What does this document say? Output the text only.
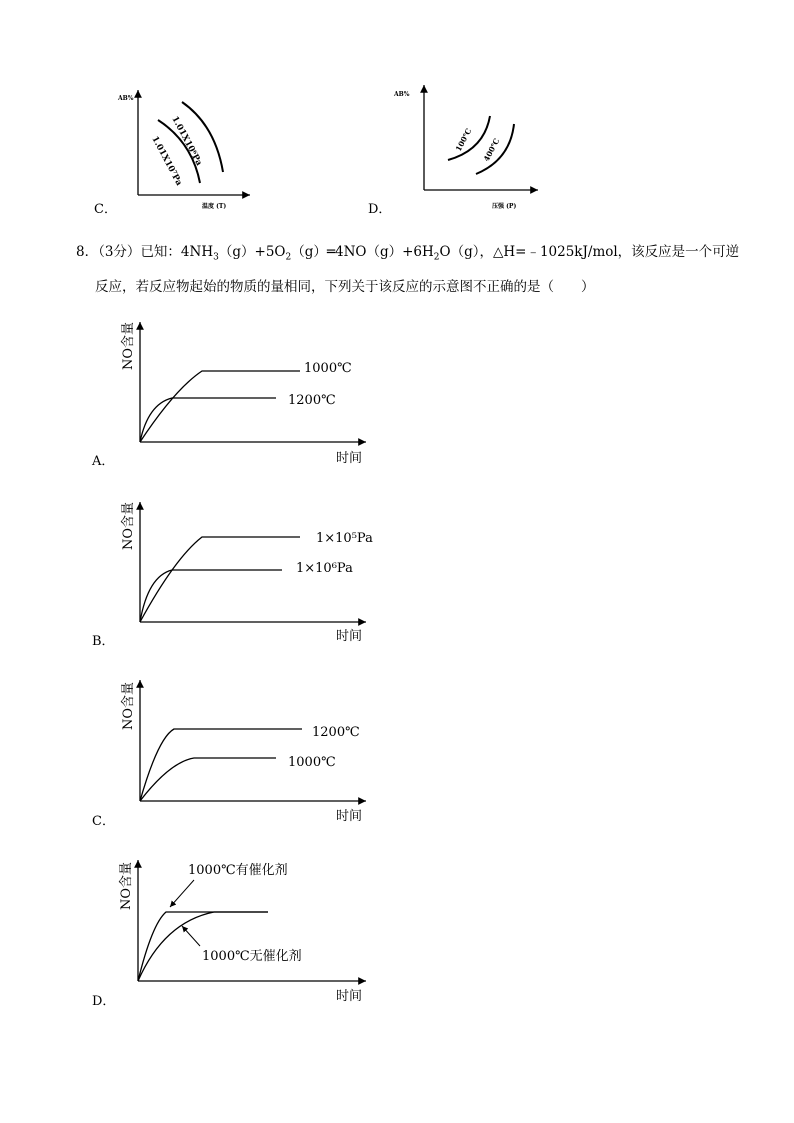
AB%
温度 (T)
1.01X10⁶Pa
1.01X10⁷Pa
C．
AB%
压强 (P)
100℃ 400℃
D．
8．（3分）已知：$4NH_3(g)+5O_2(g)═4NO(g)+6H_2O(g)$，△H=﹣1025kJ/mol，该反应是一个可逆
反应，若反应物起始的物质的量相同，下列关于该反应的示意图不正确的是（　　）
NO含量	1000℃
1200℃
时间
A．
NO含量	1×10⁵Pa
1×10⁶Pa
时间
B．
NO含量
1200℃
1000℃
时间
C．
NO含量	1000℃有催化剂
1000℃无催化剂
时间
D．
